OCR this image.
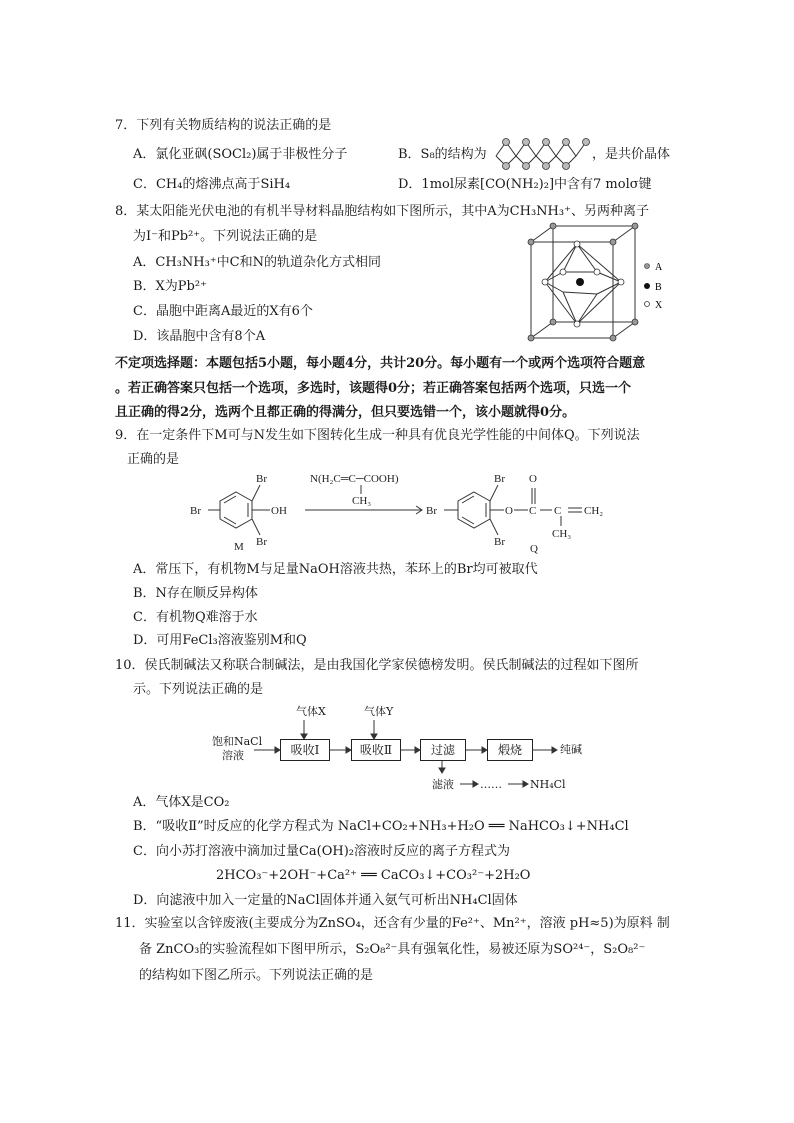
7．下列有关物质结构的说法正确的是
A．氯化亚砜(SOCl₂)属于非极性分子	B．S₈的结构为	，是共价晶体
C．CH₄的熔沸点高于SiH₄	D．1mol尿素[CO(NH₂)₂]中含有7 molσ键
8．某太阳能光伏电池的有机半导材料晶胞结构如下图所示，其中A为CH₃NH₃⁺、另两种离子
为I⁻和Pb²⁺。下列说法正确的是
A．CH₃NH₃⁺中C和N的轨道杂化方式相同
B．X为Pb²⁺
C．晶胞中距离A最近的X有6个
D．该晶胞中含有8个A
A
B
X
不定项选择题：本题包括5小题，每小题4分，共计20分。每小题有一个或两个选项符合题意
。若正确答案只包括一个选项，多选时，该题得0分；若正确答案包括两个选项，只选一个
且正确的得2分，选两个且都正确的得满分，但只要选错一个，该小题就得0分。
9．在一定条件下M可与N发生如下图转化生成一种具有优良光学性能的中间体Q。下列说法
正确的是
Br
Br
Br	OH
M
N(H₂C═C─COOH)
CH₃
Br
Br
Br	O
O
C C
CH₃
CH₂
Q
A．常压下，有机物M与足量NaOH溶液共热，苯环上的Br均可被取代
B．N存在顺反异构体
C．有机物Q难溶于水
D．可用FeCl₃溶液鉴别M和Q
10．侯氏制碱法又称联合制碱法，是由我国化学家侯德榜发明。侯氏制碱法的过程如下图所
示。下列说法正确的是
气体X	气体Y
饱和NaCl
溶液	吸收Ⅰ	吸收Ⅱ	过滤	煅烧	纯碱
滤液 ……	NH₄Cl
A．气体X是CO₂
B．“吸收Ⅱ”时反应的化学方程式为 NaCl+CO₂+NH₃+H₂O ══ NaHCO₃↓+NH₄Cl
C．向小苏打溶液中滴加过量Ca(OH)₂溶液时反应的离子方程式为
2HCO₃⁻+2OH⁻+Ca²⁺ ══ CaCO₃↓+CO₃²⁻+2H₂O
D．向滤液中加入一定量的NaCl固体并通入氨气可析出NH₄Cl固体
11．实验室以含锌废液(主要成分为ZnSO₄，还含有少量的Fe²⁺、Mn²⁺，溶液 pH≈5)为原料 制
备 ZnCO₃的实验流程如下图甲所示，S₂O₈²⁻具有强氧化性，易被还原为SO²⁴⁻，S₂O₈²⁻
的结构如下图乙所示。下列说法正确的是
